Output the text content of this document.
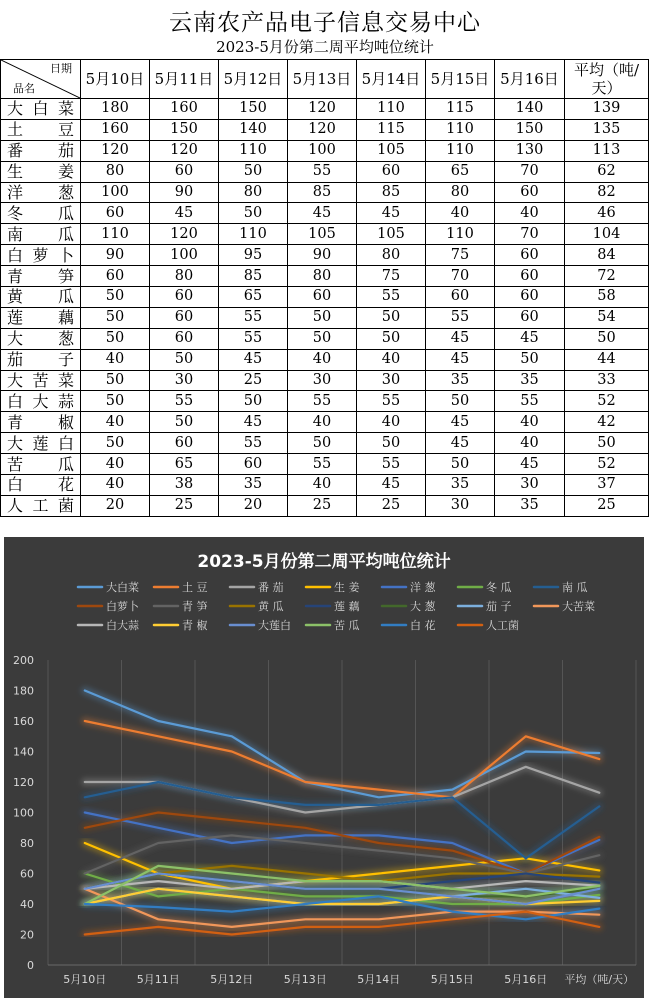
云南农产品电子信息交易中心
2023-5月份第二周平均吨位统计
日期
品名	5月10日	5月11日	5月12日	5月13日	5月14日	5月15日	5月16日	平均（吨/天）
大白菜	180	160	150	120	110	115	140	139
土 豆	160	150	140	120	115	110	150	135
番 茄	120	120	110	100	105	110	130	113
生 姜	80	60	50	55	60	65	70	62
洋 葱	100	90	80	85	85	80	60	82
冬 瓜	60	45	50	45	45	40	40	46
南 瓜	110	120	110	105	105	110	70	104
白萝卜	90	100	95	90	80	75	60	84
青 笋	60	80	85	80	75	70	60	72
黄 瓜	50	60	65	60	55	60	60	58
莲 藕	50	60	55	50	50	55	60	54
大 葱	50	60	55	50	50	45	45	50
茄 子	40	50	45	40	40	45	50	44
大苦菜	50	30	25	30	30	35	35	33
白大蒜	50	55	50	55	55	50	55	52
青 椒	40	50	45	40	40	45	40	42
大莲白	50	60	55	50	50	45	40	50
苦 瓜	40	65	60	55	55	50	45	52
白 花	40	38	35	40	45	35	30	37
人工菌	20	25	20	25	25	30	35	25
2023-5月份第二周平均吨位统计
0
20
40
60
80
100
120
140
160
180
200
5月10日	5月11日	5月12日	5月13日	5月14日	5月15日	5月16日 平均（吨/天）
大白菜	土 豆	番 茄	生 姜	洋 葱	冬 瓜	南 瓜
白萝卜	青 笋	黄 瓜	莲 藕	大 葱	茄 子	大苦菜
白大蒜	青 椒	大莲白	苦 瓜	白 花	人工菌
